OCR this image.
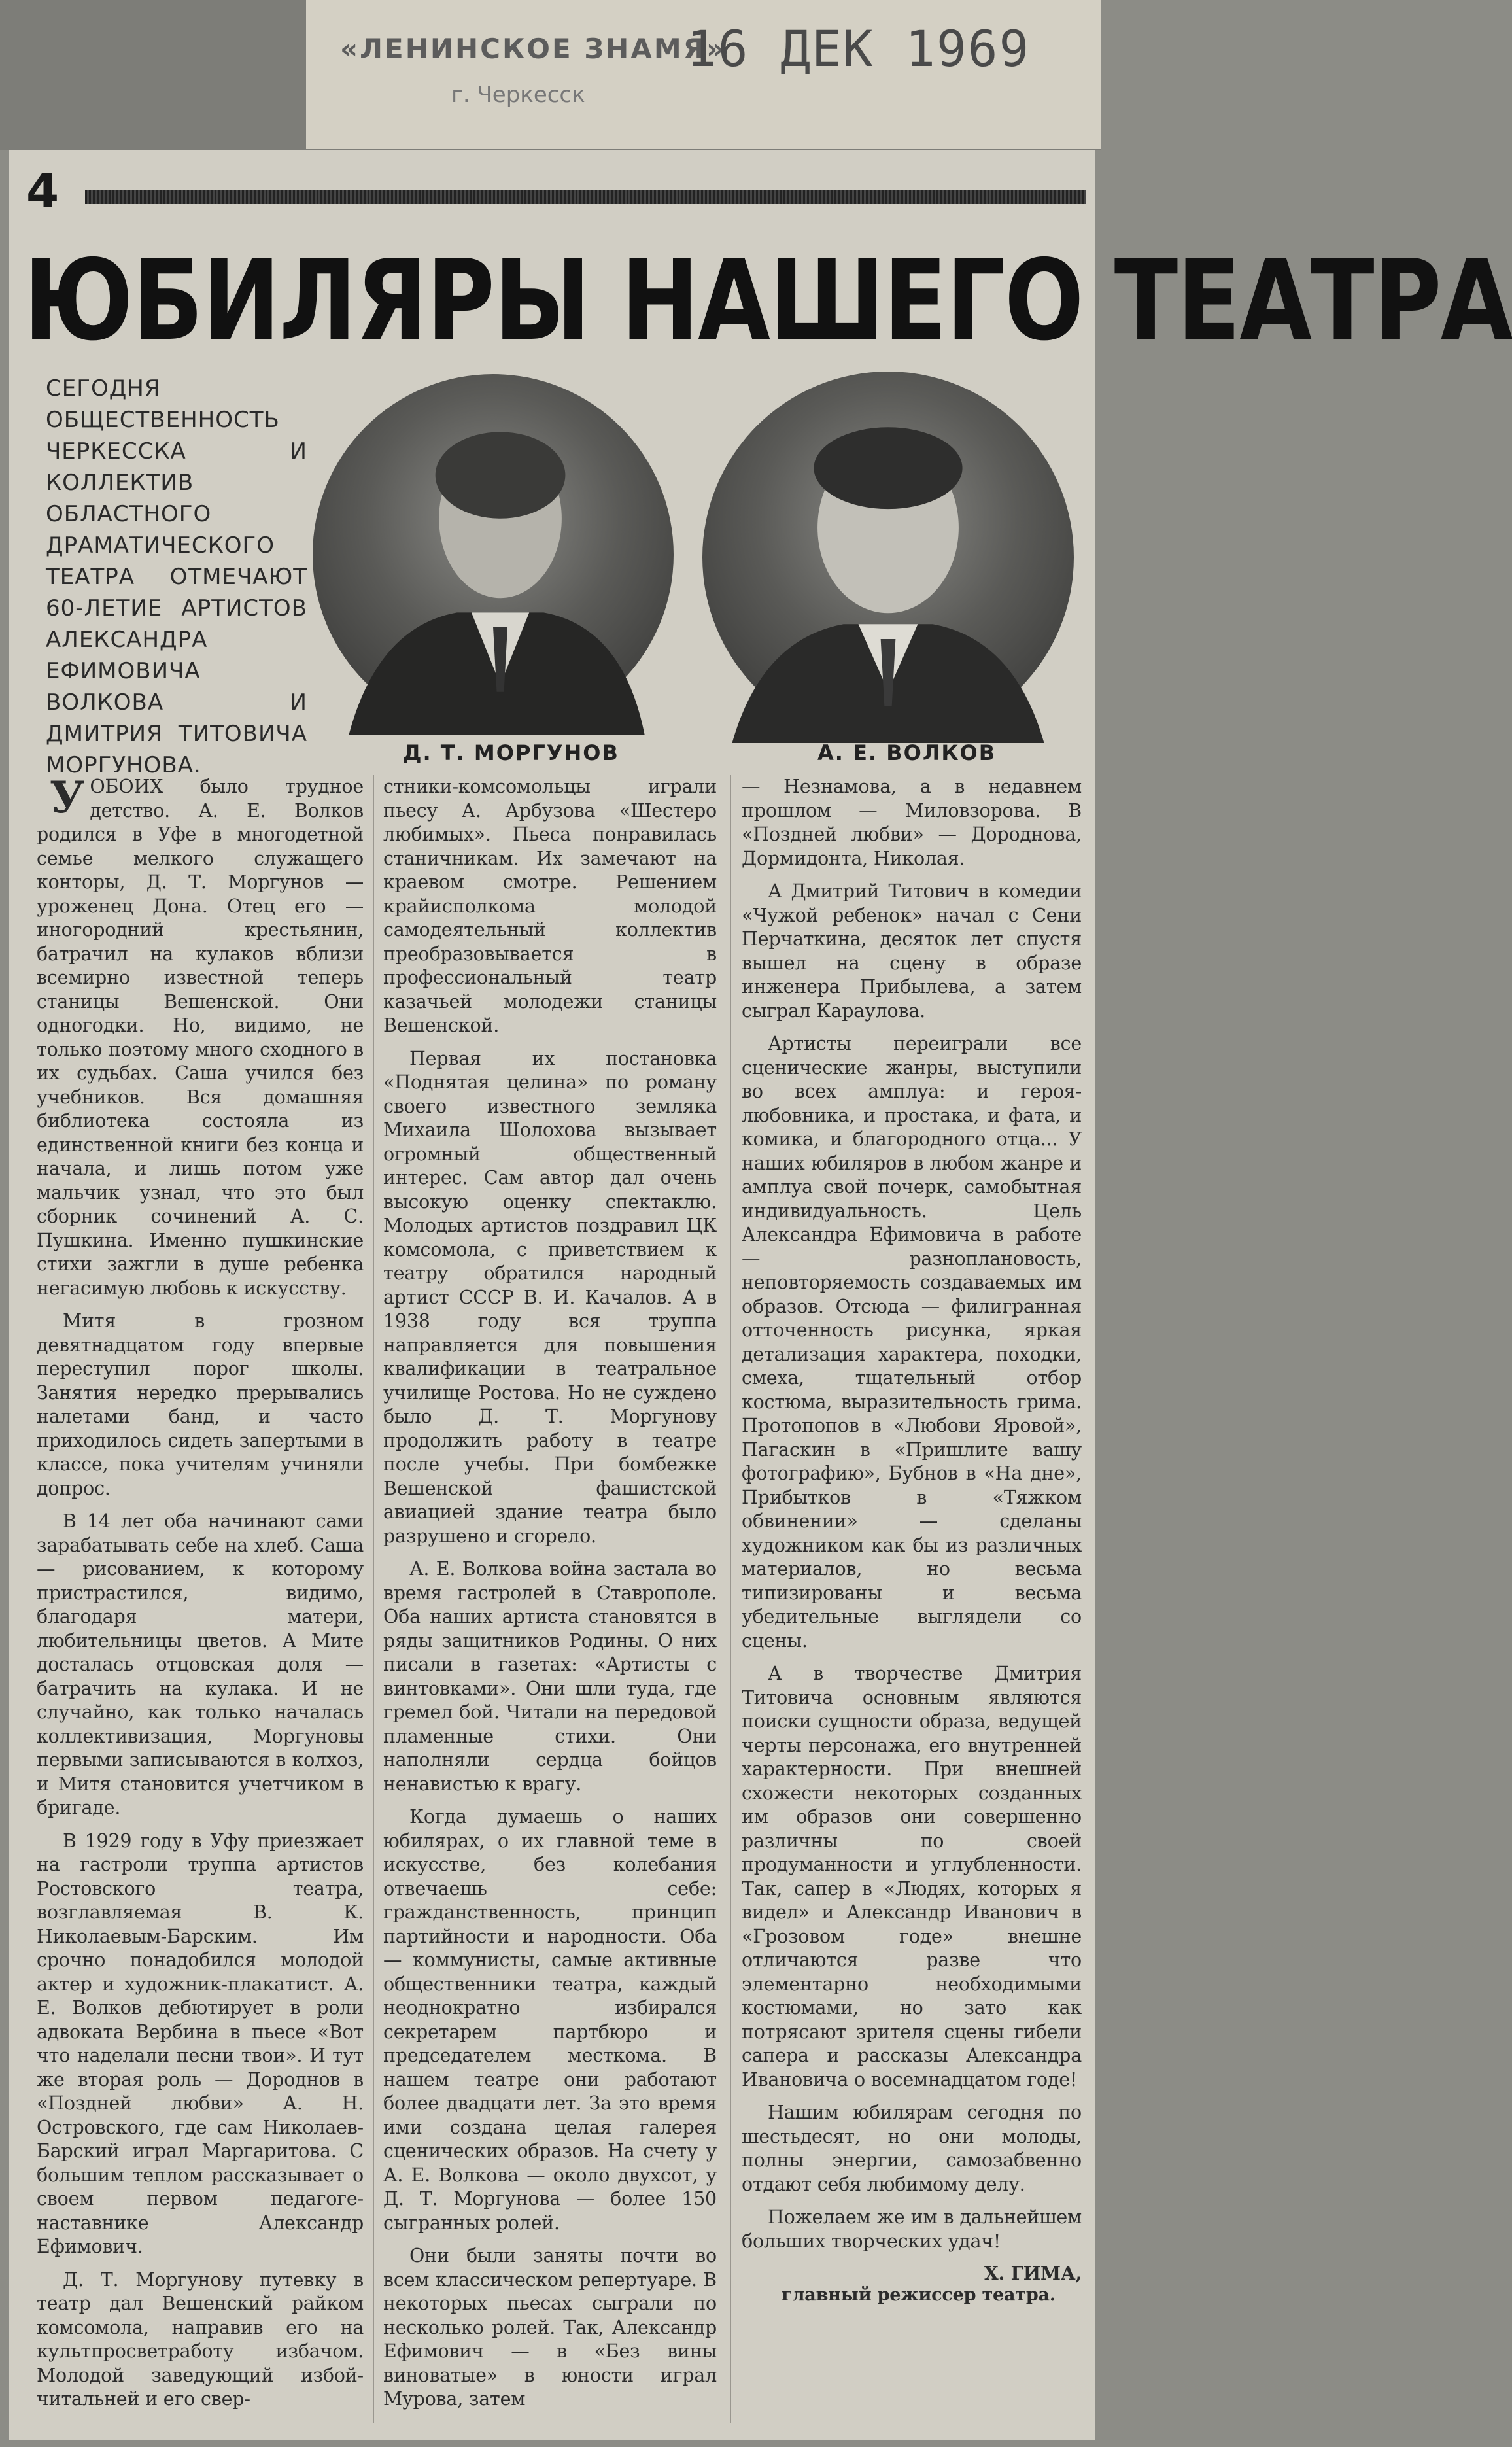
«ЛЕНИНСКОЕ ЗНАМЯ»
г. Черкесск
16 ДЕК 1969
4
ЮБИЛЯРЫ НАШЕГО ТЕАТРА
СЕГОДНЯ ОБЩЕСТВЕННОСТЬ ЧЕРКЕССКА И КОЛЛЕКТИВ ОБЛАСТНОГО ДРАМАТИЧЕСКОГО ТЕАТРА ОТМЕЧАЮТ 60-ЛЕТИЕ АРТИСТОВ АЛЕКСАНДРА ЕФИМОВИЧА ВОЛКОВА И ДМИТРИЯ ТИТОВИЧА МОРГУНОВА.	Д. Т. МОРГУНОВ	А. Е. ВОЛКОВ

УОБОИХ было трудное детство. А. Е. Волков родился в Уфе в многодетной семье мелкого служащего конторы, Д. Т. Моргунов — уроженец Дона. Отец его — иногородний крестьянин, батрачил на кулаков вблизи всемирно известной теперь станицы Вешенской. Они одногодки. Но, видимо, не только поэтому много сходного в их судьбах. Саша учился без учебников. Вся домашняя библиотека состояла из единственной книги без конца и начала, и лишь потом уже мальчик узнал, что это был сборник сочинений А. С. Пушкина. Именно пушкинские стихи зажгли в душе ребенка негасимую любовь к искусству.

Митя в грозном девятнадцатом году впервые переступил порог школы. Занятия нередко прерывались налетами банд, и часто приходилось сидеть запертыми в классе, пока учителям учиняли допрос.

В 14 лет оба начинают сами зарабатывать себе на хлеб. Саша — рисованием, к которому пристрастился, видимо, благодаря матери, любительницы цветов. А Мите досталась отцовская доля — батрачить на кулака. И не случайно, как только началась коллективизация, Моргуновы первыми записываются в колхоз, и Митя становится учетчиком в бригаде.

В 1929 году в Уфу приезжает на гастроли труппа артистов Ростовского театра, возглавляемая В. К. Николаевым-Барским. Им срочно понадобился молодой актер и художник-плакатист. А. Е. Волков дебютирует в роли адвоката Вербина в пьесе «Вот что наделали песни твои». И тут же вторая роль — Дороднов в «Поздней любви» А. Н. Островского, где сам Николаев-Барский играл Маргаритова. С большим теплом рассказывает о своем первом педагоге-наставнике Александр Ефимович.

Д. Т. Моргунову путевку в театр дал Вешенский райком комсомола, направив его на культпросветработу избачом. Молодой заведующий избой-читальней и его свер-

стники-комсомольцы играли пьесу А. Арбузова «Шестеро любимых». Пьеса понравилась станичникам. Их замечают на краевом смотре. Решением крайисполкома молодой самодеятельный коллектив преобразовывается в профессиональный театр казачьей молодежи станицы Вешенской.

Первая их постановка «Поднятая целина» по роману своего известного земляка Михаила Шолохова вызывает огромный общественный интерес. Сам автор дал очень высокую оценку спектаклю. Молодых артистов поздравил ЦК комсомола, с приветствием к театру обратился народный артист СССР В. И. Качалов. А в 1938 году вся труппа направляется для повышения квалификации в театральное училище Ростова. Но не суждено было Д. Т. Моргунову продолжить работу в театре после учебы. При бомбежке Вешенской фашистской авиацией здание театра было разрушено и сгорело.

А. Е. Волкова война застала во время гастролей в Ставрополе. Оба наших артиста становятся в ряды защитников Родины. О них писали в газетах: «Артисты с винтовками». Они шли туда, где гремел бой. Читали на передовой пламенные стихи. Они наполняли сердца бойцов ненавистью к врагу.

Когда думаешь о наших юбилярах, о их главной теме в искусстве, без колебания отвечаешь себе: гражданственность, принцип партийности и народности. Оба — коммунисты, самые активные общественники театра, каждый неоднократно избирался секретарем партбюро и председателем месткома. В нашем театре они работают более двадцати лет. За это время ими создана целая галерея сценических образов. На счету у А. Е. Волкова — около двухсот, у Д. Т. Моргунова — более 150 сыгранных ролей.

Они были заняты почти во всем классическом репертуаре. В некоторых пьесах сыграли по несколько ролей. Так, Александр Ефимович — в «Без вины виноватые» в юности играл Мурова, затем

— Незнамова, а в недавнем прошлом — Миловзорова. В «Поздней любви» — Дороднова, Дормидонта, Николая.

А Дмитрий Титович в комедии «Чужой ребенок» начал с Сени Перчаткина, десяток лет спустя вышел на сцену в образе инженера Прибылева, а затем сыграл Караулова.

Артисты переиграли все сценические жанры, выступили во всех амплуа: и героя-любовника, и простака, и фата, и комика, и благородного отца... У наших юбиляров в любом жанре и амплуа свой почерк, самобытная индивидуальность. Цель Александра Ефимовича в работе — разноплановость, неповторяемость создаваемых им образов. Отсюда — филигранная отточенность рисунка, яркая детализация характера, походки, смеха, тщательный отбор костюма, выразительность грима. Протопопов в «Любови Яровой», Пагаскин в «Пришлите вашу фотографию», Бубнов в «На дне», Прибытков в «Тяжком обвинении» — сделаны художником как бы из различных материалов, но весьма типизированы и весьма убедительные выглядели со сцены.

А в творчестве Дмитрия Титовича основным являются поиски сущности образа, ведущей черты персонажа, его внутренней характерности. При внешней схожести некоторых созданных им образов они совершенно различны по своей продуманности и углубленности. Так, сапер в «Людях, которых я видел» и Александр Иванович в «Грозовом годе» внешне отличаются разве что элементарно необходимыми костюмами, но зато как потрясают зрителя сцены гибели сапера и рассказы Александра Ивановича о восемнадцатом годе!

Нашим юбилярам сегодня по шестьдесят, но они молоды, полны энергии, самозабвенно отдают себя любимому делу.

Пожелаем же им в дальнейшем больших творческих удач!

Х. ГИМА,
главный режиссер театра.
